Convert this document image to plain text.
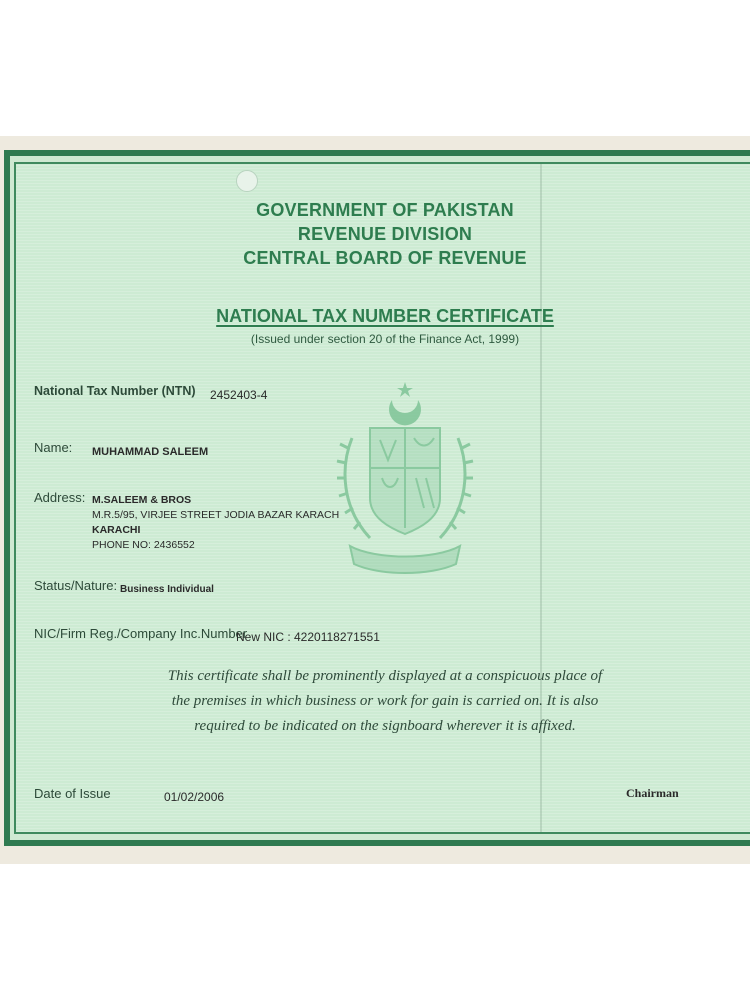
GOVERNMENT OF PAKISTAN
REVENUE DIVISION
CENTRAL BOARD OF REVENUE
NATIONAL TAX NUMBER CERTIFICATE
(Issued under section 20 of the Finance Act, 1999)
National Tax Number (NTN) 2452403-4
Name: MUHAMMAD SALEEM
Address: M.SALEEM & BROS
M.R.5/95, VIRJEE STREET JODIA BAZAR KARACH
KARACHI
PHONE NO: 2436552
Status/Nature: Business Individual
NIC/Firm Reg./Company Inc.Number
New NIC : 4220118271551
This certificate shall be prominently displayed at a conspicuous place of
the premises in which business or work for gain is carried on. It is also
required to be indicated on the signboard wherever it is affixed.
Date of Issue	01/02/2006	Chairman
